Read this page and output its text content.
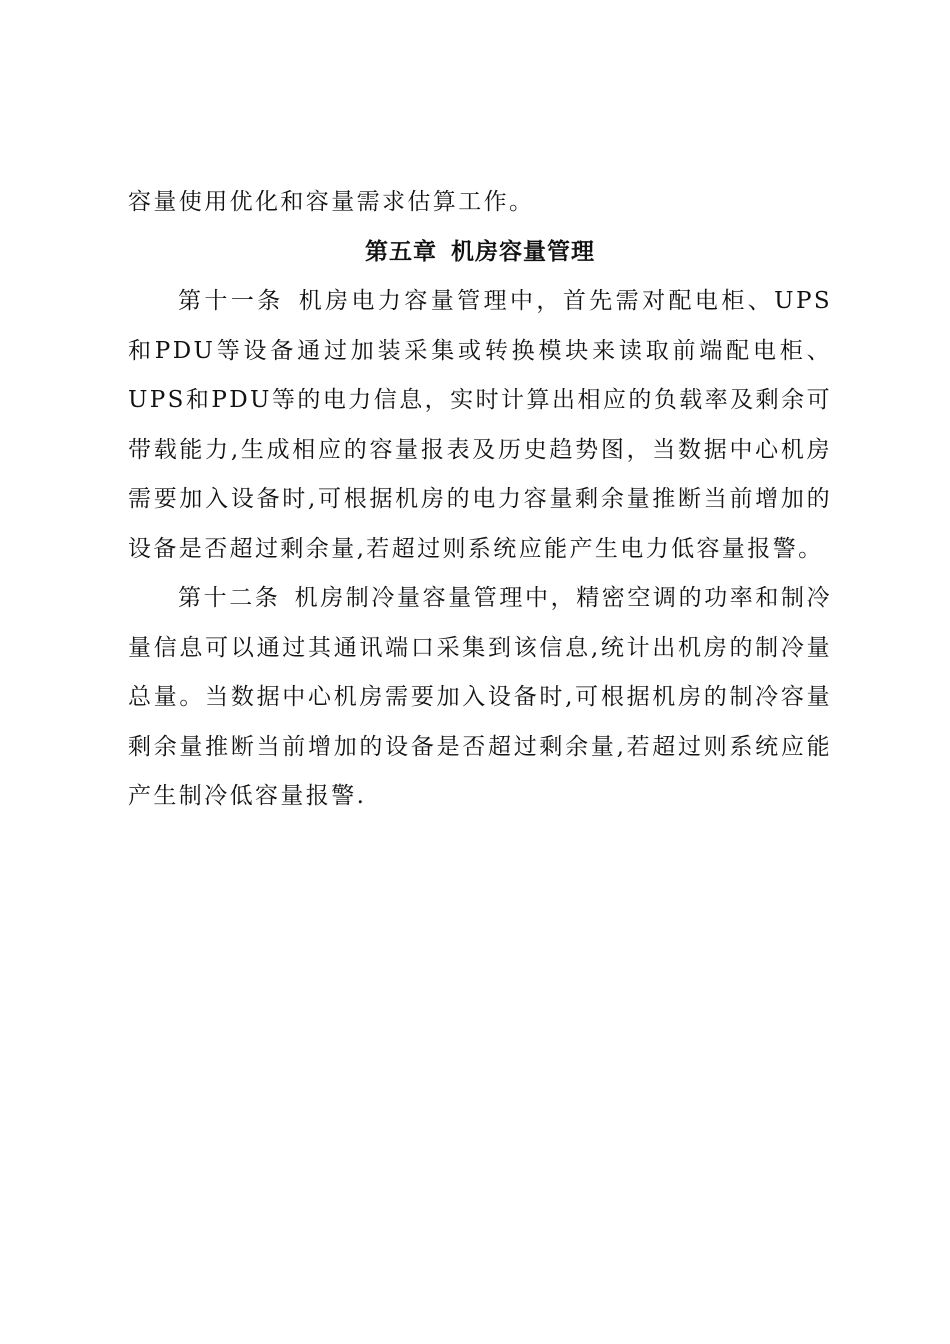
容量使用优化和容量需求估算工作。

第五章 机房容量管理

第十一条 机房电力容量管理中，首先需对配电柜、UPS和PDU等设备通过加装采集或转换模块来读取前端配电柜、UPS和PDU等的电力信息，实时计算出相应的负载率及剩余可带载能力,生成相应的容量报表及历史趋势图，当数据中心机房需要加入设备时,可根据机房的电力容量剩余量推断当前增加的设备是否超过剩余量,若超过则系统应能产生电力低容量报警。

第十二条 机房制冷量容量管理中，精密空调的功率和制冷量信息可以通过其通讯端口采集到该信息,统计出机房的制冷量总量。当数据中心机房需要加入设备时,可根据机房的制冷容量剩余量推断当前增加的设备是否超过剩余量,若超过则系统应能产生制冷低容量报警.
